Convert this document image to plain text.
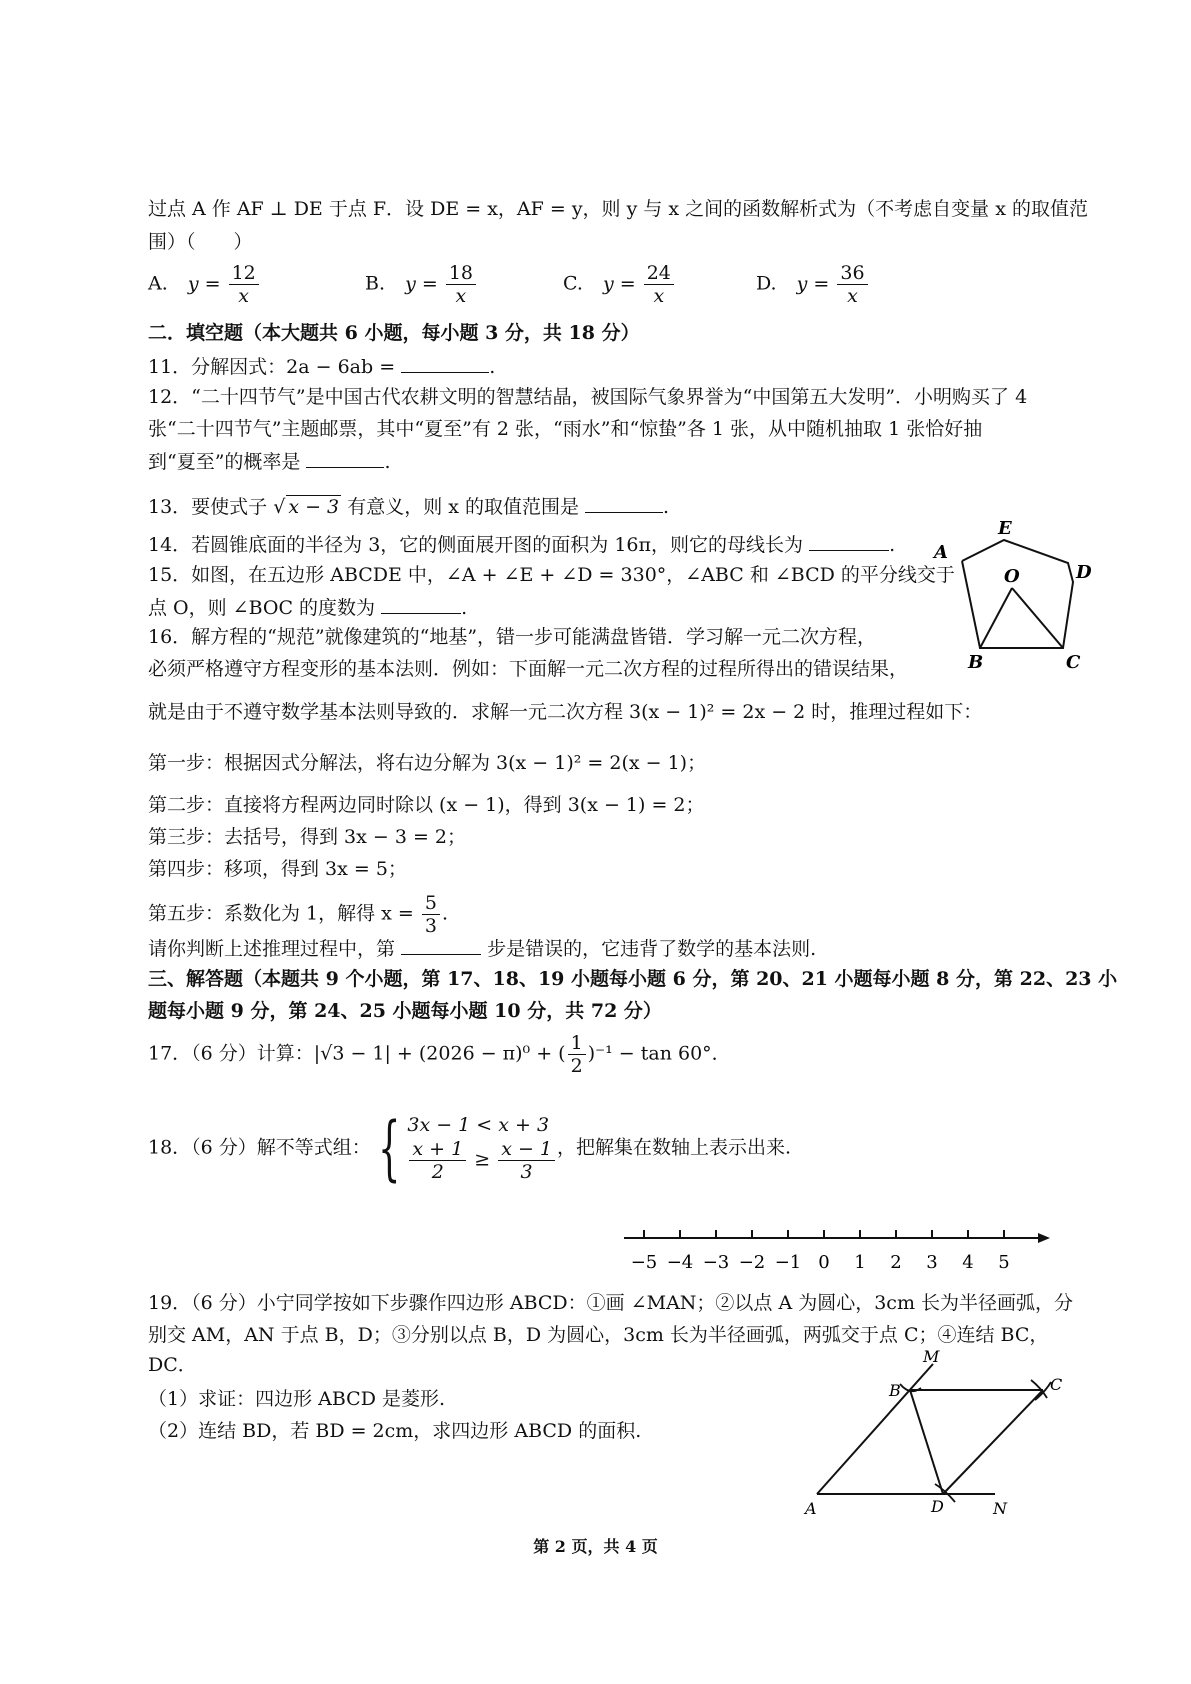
过点 A 作 AF ⊥ DE 于点 F．设 DE = x，AF = y，则 y 与 x 之间的函数解析式为（不考虑自变量 x 的取值范
围）（　　）
A. $y = \frac{12}{x}$	B. $y = \frac{18}{x}$	C. $y = \frac{24}{x}$	D. $y = \frac{36}{x}$
二．填空题（本大题共 6 小题，每小题 3 分，共 18 分）
11．分解因式：2a − 6ab =	.
12．“二十四节气”是中国古代农耕文明的智慧结晶，被国际气象界誉为“中国第五大发明”．小明购买了 4
张“二十四节气”主题邮票，其中“夏至”有 2 张，“雨水”和“惊蛰”各 1 张，从中随机抽取 1 张恰好抽
到“夏至”的概率是	.
13．要使式子 √ x − 3 有意义，则 x 的取值范围是	.
14．若圆锥底面的半径为 3，它的侧面展开图的面积为 16π，则它的母线长为	.
15．如图，在五边形 ABCDE 中，∠A + ∠E + ∠D = 330°，∠ABC 和 ∠BCD 的平分线交于
点 O，则 ∠BOC 的度数为	.
A
E
D
O
B	C
16．解方程的“规范”就像建筑的“地基”，错一步可能满盘皆错．学习解一元二次方程，
必须严格遵守方程变形的基本法则．例如：下面解一元二次方程的过程所得出的错误结果，
就是由于不遵守数学基本法则导致的．求解一元二次方程 3(x − 1)² = 2x − 2 时，推理过程如下：
第一步：根据因式分解法，将右边分解为 3(x − 1)² = 2(x − 1)；
第二步：直接将方程两边同时除以 (x − 1)，得到 3(x − 1) = 2；
第三步：去括号，得到 3x − 3 = 2；
第四步：移项，得到 3x = 5；
第五步：系数化为 1，解得 $x = \frac{5}{3}$ .
请你判断上述推理过程中，第	步是错误的，它违背了数学的基本法则.
三、解答题（本题共 9 个小题，第 17、18、19 小题每小题 6 分，第 20、21 小题每小题 8 分，第 22、23 小
题每小题 9 分，第 24、25 小题每小题 10 分，共 72 分）
17．（6 分）计算：|√3 − 1| + (2026 − π)⁰ + ( $\frac{1}{2} )^{-1} - \tan 60^\circ$．
18．（6 分）解不等式组： { 3x − 1 < x + 3
$\frac{x + 1}{2} \ge \frac{x - 1}{3}$ ，把解集在数轴上表示出来.
−5 −4 −3 −2 −1 0 1 2 3 4 5
19．（6 分）小宁同学按如下步骤作四边形 ABCD：①画 ∠MAN；②以点 A 为圆心，3cm 长为半径画弧，分
别交 AM，AN 于点 B，D；③分别以点 B，D 为圆心，3cm 长为半径画弧，两弧交于点 C；④连结 BC，
DC．
（1）求证：四边形 ABCD 是菱形.
（2）连结 BD，若 BD = 2cm，求四边形 ABCD 的面积.
M
B	C
A	D	N
第 2 页，共 4 页
